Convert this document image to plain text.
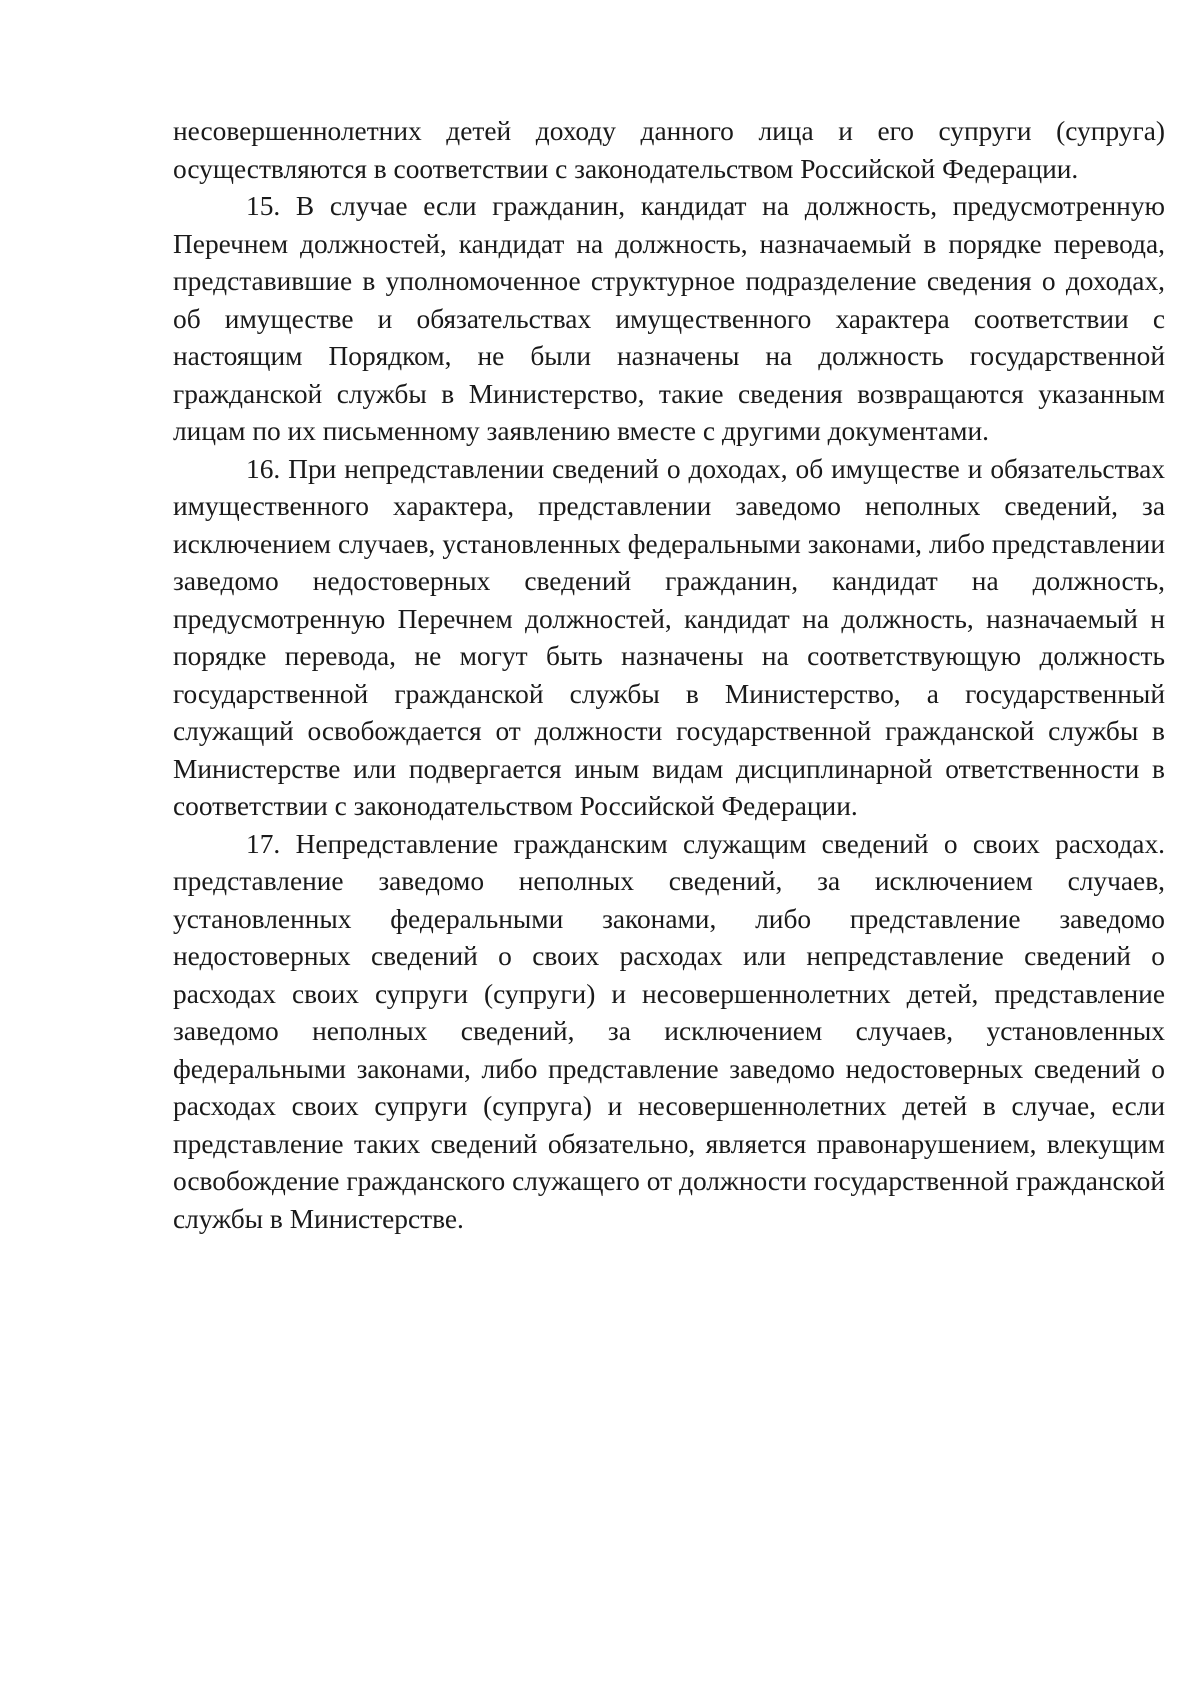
несовершеннолетних детей доходу данного лица и его супруги (супруга) осуществляются в соответствии с законодательством Российской Федерации.

15. В случае если гражданин, кандидат на должность, предусмотренную Перечнем должностей, кандидат на должность, назначаемый в порядке перевода, представившие в уполномоченное структурное подразделение сведения о доходах, об имуществе и обязательствах имущественного характера соответствии с настоящим Порядком, не были назначены на должность государственной гражданской службы в Министерство, такие сведения возвращаются указанным лицам по их письменному заявлению вместе с другими документами.

16. При непредставлении сведений о доходах, об имуществе и обязательствах имущественного характера, представлении заведомо неполных сведений, за исключением случаев, установленных федеральными законами, либо представлении заведомо недостоверных сведений гражданин, кандидат на должность, предусмотренную Перечнем должностей, кандидат на должность, назначаемый н порядке перевода, не могут быть назначены на соответствующую должность государственной гражданской службы в Министерство, а государственный служащий освобождается от должности государственной гражданской службы в Министерстве или подвергается иным видам дисциплинарной ответственности в соответствии с законодательством Российской Федерации.

17. Непредставление гражданским служащим сведений о своих расходах. представление заведомо неполных сведений, за исключением случаев, установленных федеральными законами, либо представление заведомо недостоверных сведений о своих расходах или непредставление сведений о расходах своих супруги (супруги) и несовершеннолетних детей, представление заведомо неполных сведений, за исключением случаев, установленных федеральными законами, либо представление заведомо недостоверных сведений о расходах своих супруги (супруга) и несовершеннолетних детей в случае, если представление таких сведений обязательно, является правонарушением, влекущим освобождение гражданского служащего от должности государственной гражданской службы в Министерстве.
